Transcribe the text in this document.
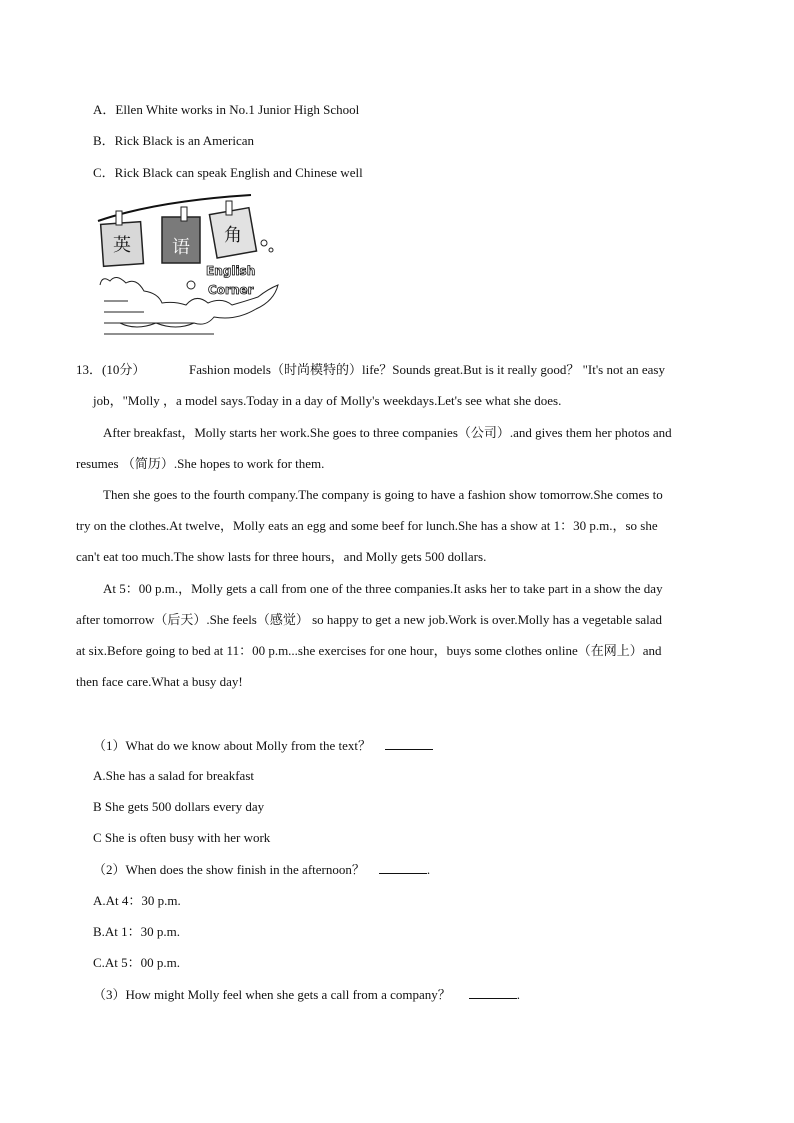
A．Ellen White works in No.1 Junior High School
B．Rick Black is an American
C．Rick Black can speak English and Chinese well
英 语
角
English
Corner
13．(10分）	Fashion models（时尚模特的）life？Sounds great.But is it really good？ "It's not an easy
job，"Molly ，a model says.Today in a day of Molly's weekdays.Let's see what she does.
After breakfast，Molly starts her work.She goes to three companies（公司）.and gives them her photos and
resumes （简历）.She hopes to work for them.
Then she goes to the fourth company.The company is going to have a fashion show tomorrow.She comes to
try on the clothes.At twelve，Molly eats an egg and some beef for lunch.She has a show at 1：30 p.m.，so she
can't eat too much.The show lasts for three hours，and Molly gets 500 dollars.
At 5：00 p.m.，Molly gets a call from one of the three companies.It asks her to take part in a show the day
after tomorrow（后天）.She feels（感觉） so happy to get a new job.Work is over.Molly has a vegetable salad
at six.Before going to bed at 11：00 p.m...she exercises for one hour，buys some clothes online（在网上）and
then face care.What a busy day!
（1）What do we know about Molly from the text？
A.She has a salad for breakfast
B She gets 500 dollars every day
C She is often busy with her work
（2）When does the show finish in the afternoon？	.
A.At 4：30 p.m.
B.At 1：30 p.m.
C.At 5：00 p.m.
（3）How might Molly feel when she gets a call from a company？	.
